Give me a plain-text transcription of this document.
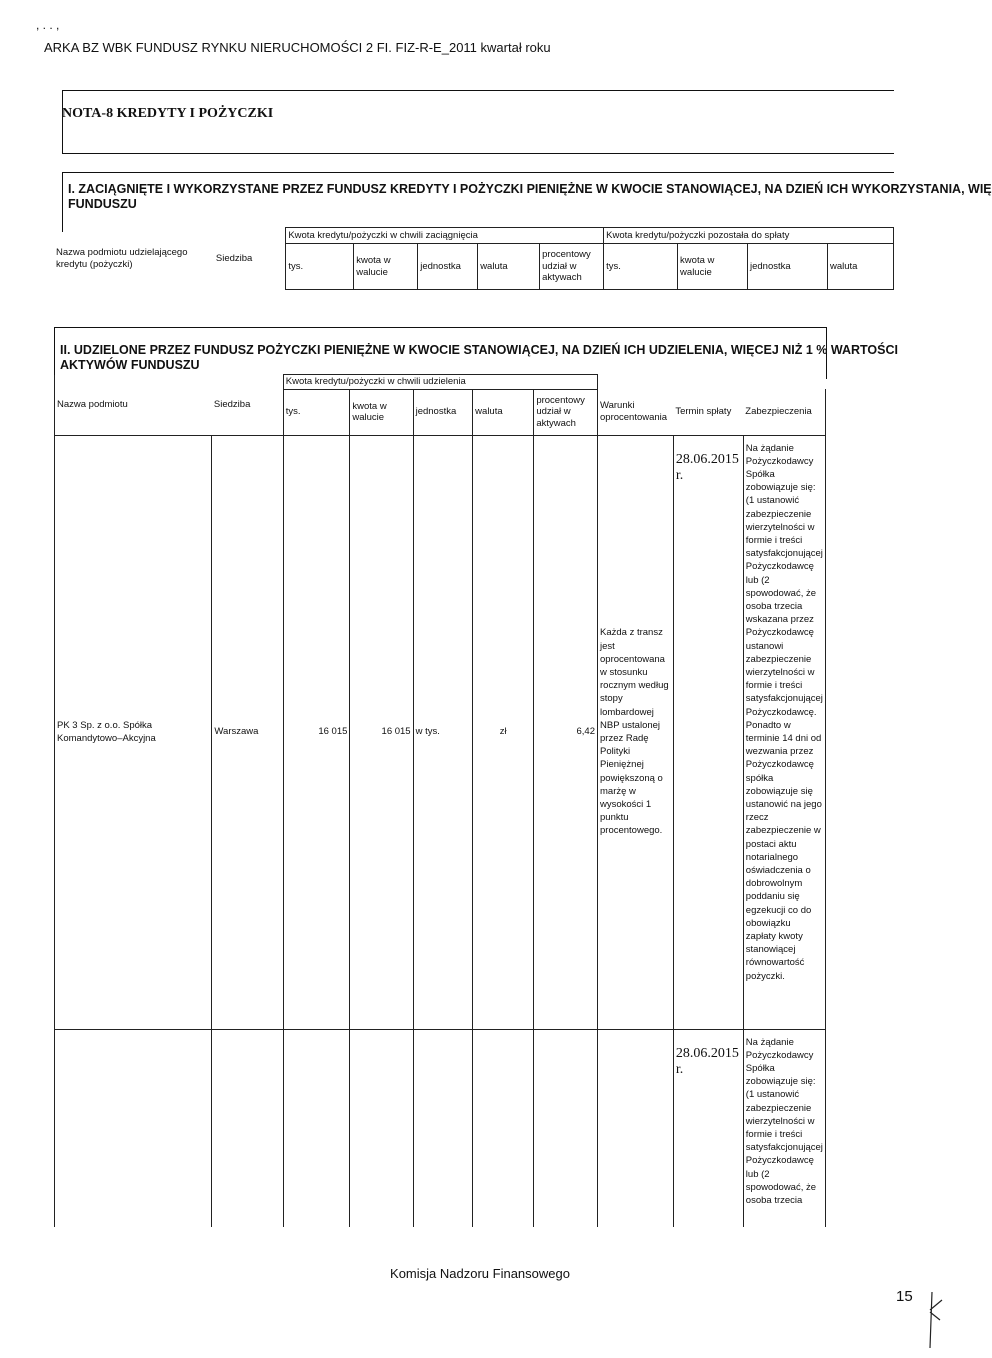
, . . ,
ARKA BZ WBK FUNDUSZ RYNKU NIERUCHOMOŚCI 2 FI. FIZ-R-E_2011 kwartał roku
NOTA-8 KREDYTY I POŻYCZKI
I. ZACIĄGNIĘTE I WYKORZYSTANE PRZEZ FUNDUSZ KREDYTY I POŻYCZKI PIENIĘŻNE W KWOCIE STANOWIĄCEJ, NA DZIEŃ ICH WYKORZYSTANIA, WIĘ
FUNDUSZU
Nazwa podmiotu udzielającego kredytu (pożyczki)	Siedziba	Kwota kredytu/pożyczki w chwili zaciągnięcia					Kwota kredytu/pożyczki pozostała do spłaty			
		tys.	kwota w walucie	jednostka	waluta	procentowy udział w aktywach	tys.	kwota w walucie	jednostka	waluta
II. UDZIELONE PRZEZ FUNDUSZ POŻYCZKI PIENIĘŻNE W KWOCIE STANOWIĄCEJ, NA DZIEŃ ICH UDZIELENIA, WIĘCEJ NIŻ 1 % WARTOŚCI
AKTYWÓW FUNDUSZU
Nazwa podmiotu	Siedziba	Kwota kredytu/pożyczki w chwili udzielenia							
		tys.	kwota w walucie	jednostka	waluta	procentowy udział w aktywach	Warunki oprocentowania	Termin spłaty	Zabezpieczenia
PK 3 Sp. z o.o. Spółka Komandytowo–Akcyjna	Warszawa	16 015	16 015	w tys.	zł	6,42	Każda z transz jest oprocentowana w stosunku rocznym według stopy lombardowej NBP ustalonej przez Radę Polityki Pieniężnej powiększoną o marżę w wysokości 1 punktu procentowego.	28.06.2015 r.	Na żądanie Pożyczkodawcy Spółka zobowiązuje się: (1 ustanowić zabezpieczenie wierzytelności w formie i treści satysfakcjonującej Pożyczkodawcę lub (2 spowodować, że osoba trzecia wskazana przez Pożyczkodawcę ustanowi zabezpieczenie wierzytelności w formie i treści satysfakcjonującej Pożyczkodawcę. Ponadto w terminie 14 dni od wezwania przez Pożyczkodawcę spółka zobowiązuje się ustanowić na jego rzecz zabezpieczenie w postaci aktu notarialnego oświadczenia o dobrowolnym poddaniu się egzekucji co do obowiązku zapłaty kwoty stanowiącej równowartość pożyczki.
								28.06.2015 r.	Na żądanie Pożyczkodawcy Spółka zobowiązuje się: (1 ustanowić zabezpieczenie wierzytelności w formie i treści satysfakcjonującej Pożyczkodawcę lub (2 spowodować, że osoba trzecia
Komisja Nadzoru Finansowego
15
